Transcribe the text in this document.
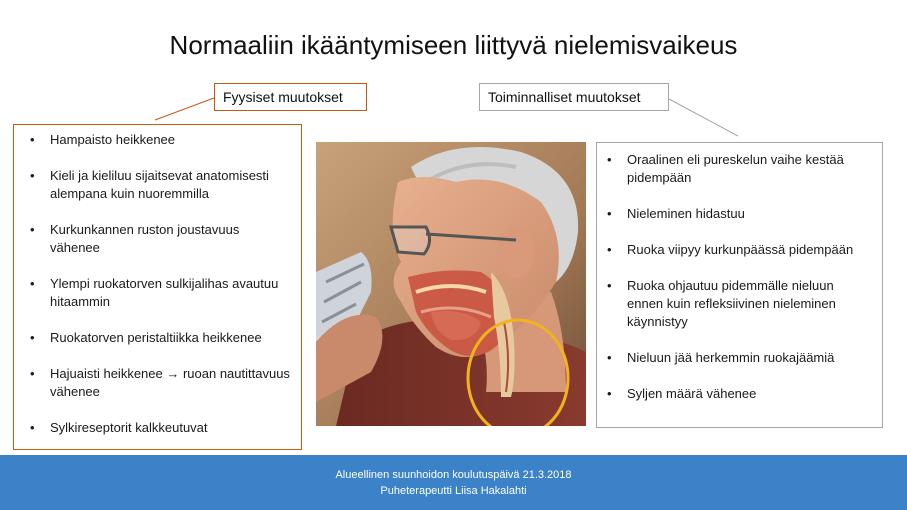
Normaaliin ikääntymiseen liittyvä nielemisvaikeus
Fyysiset muutokset	Toiminnalliset muutokset
• Hampaisto heikkenee
• Kieli ja kieliluu sijaitsevat anatomisesti alempana kuin nuoremmilla
• Kurkunkannen ruston joustavuus vähenee
• Ylempi ruokatorven sulkijalihas avautuu hitaammin
• Ruokatorven peristaltiikka heikkenee
• Hajuaisti heikkenee → ruoan nautittavuus vähenee
• Sylkireseptorit kalkkeutuvat
• Oraalinen eli pureskelun vaihe kestää pidempään
• Nieleminen hidastuu
• Ruoka viipyy kurkunpäässä pidempään
• Ruoka ohjautuu pidemmälle nieluun ennen kuin refleksiivinen nieleminen käynnistyy
• Nieluun jää herkemmin ruokajäämiä
• Syljen määrä vähenee
Alueellinen suunhoidon koulutuspäivä 21.3.2018
Puheterapeutti Liisa Hakalahti
